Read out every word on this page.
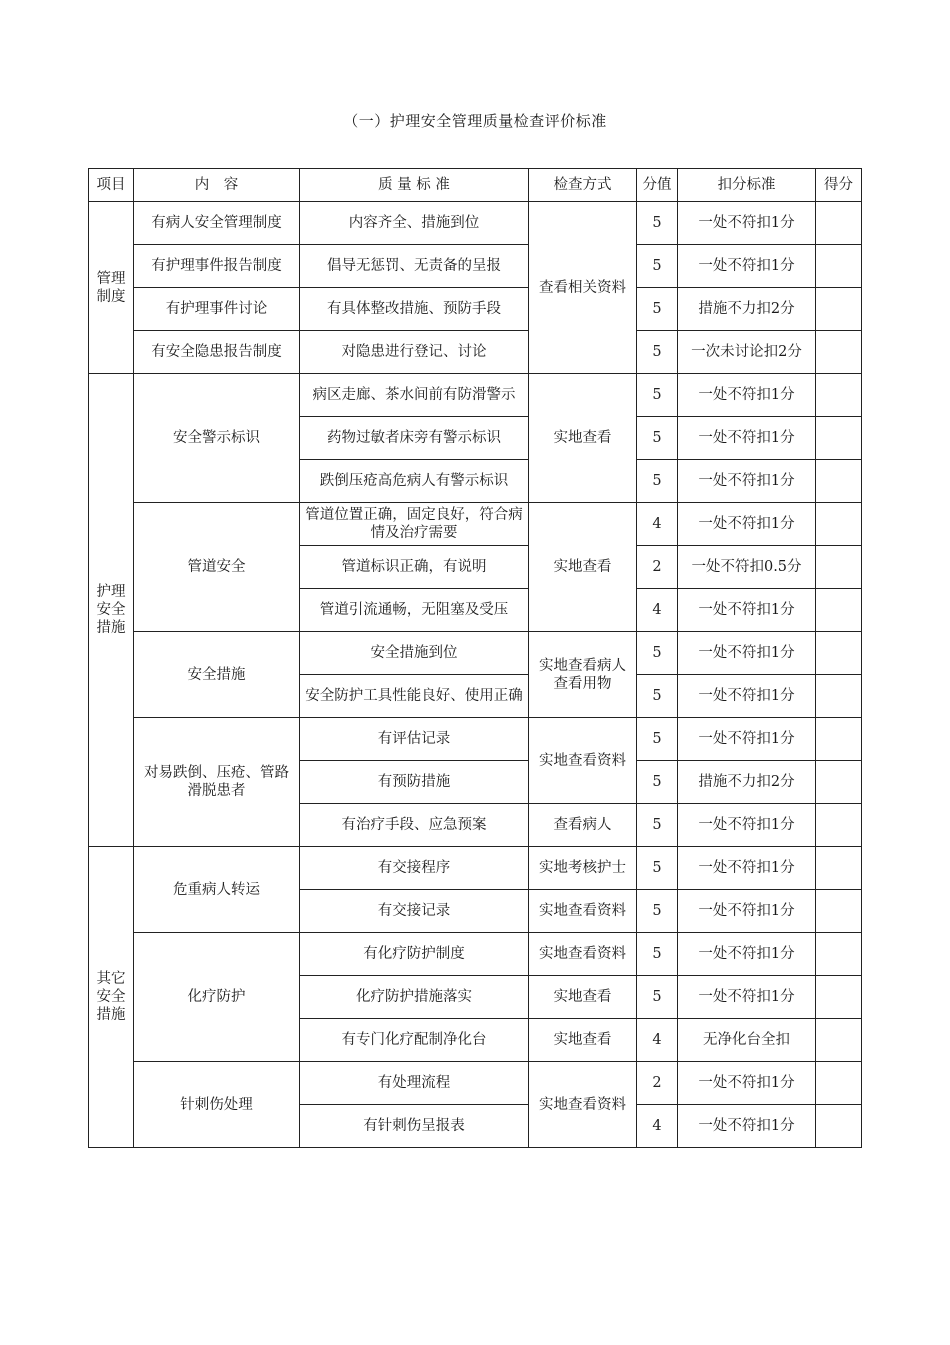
（一）护理安全管理质量检查评价标准
项目	内　容	质 量 标 准	检查方式	分值	扣分标准	得分
管理
制度	有病人安全管理制度	内容齐全、措施到位	查看相关资料	5	一处不符扣1分	
	有护理事件报告制度	倡导无惩罚、无责备的呈报		5	一处不符扣1分	
	有护理事件讨论	有具体整改措施、预防手段		5	措施不力扣2分	
	有安全隐患报告制度	对隐患进行登记、讨论		5	一次未讨论扣2分	
护理
安全
措施	安全警示标识	病区走廊、茶水间前有防滑警示	实地查看	5	一处不符扣1分	
		药物过敏者床旁有警示标识		5	一处不符扣1分	
		跌倒压疮高危病人有警示标识		5	一处不符扣1分	
	管道安全	管道位置正确，固定良好，符合病情及治疗需要	实地查看	4	一处不符扣1分	
		管道标识正确，有说明		2	一处不符扣0.5分	
		管道引流通畅，无阻塞及受压		4	一处不符扣1分	
	安全措施	安全措施到位	实地查看病人查看用物	5	一处不符扣1分	
		安全防护工具性能良好、使用正确		5	一处不符扣1分	
	对易跌倒、压疮、管路滑脱患者	有评估记录	实地查看资料	5	一处不符扣1分	
		有预防措施		5	措施不力扣2分	
		有治疗手段、应急预案	查看病人	5	一处不符扣1分	
其它
安全
措施	危重病人转运	有交接程序	实地考核护士	5	一处不符扣1分	
		有交接记录	实地查看资料	5	一处不符扣1分	
	化疗防护	有化疗防护制度	实地查看资料	5	一处不符扣1分	
		化疗防护措施落实	实地查看	5	一处不符扣1分	
		有专门化疗配制净化台	实地查看	4	无净化台全扣	
	针刺伤处理	有处理流程	实地查看资料	2	一处不符扣1分	
		有针刺伤呈报表		4	一处不符扣1分	
